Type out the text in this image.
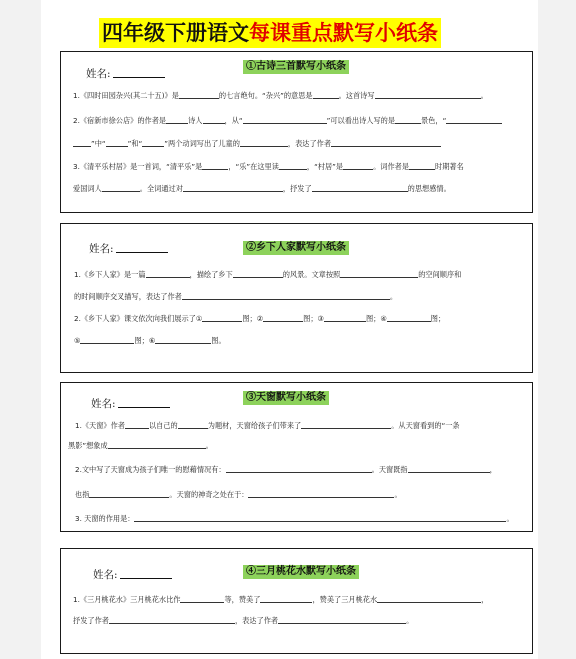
四年级下册语文每课重点默写小纸条
姓名:
①古诗三首默写小纸条
1.《四时田园杂兴(其二十五)》是	的七言绝句。“杂兴”的意思是	。这首诗写	。
2.《宿新市徐公店》的作者是	诗人	，从“	”可以看出诗人写的是	景色，“
”中“	”和“	”两个动词写出了儿童的	，表达了作者
3.《清平乐村居》是一首词，“清平乐”是	，“乐”在这里读	，“村居”是	。词作者是	时期著名
爱国词人	。全词通过对	，抒发了	的思想感情。
姓名:	②乡下人家默写小纸条
1.《乡下人家》是一篇	，描绘了乡下	的风景。文章按照	的空间顺序和
的时间顺序交叉描写，表达了作者	。
2.《乡下人家》课文依次向我们展示了①	图；②	图；③	图；④	图；
⑤	图；⑥	图。
姓名:
③天窗默写小纸条
1.《天窗》作者	以自己的	为题材，天窗给孩子们带来了	。从天窗看到的“一条
黑影”想象成	。
2.文中写了天窗成为孩子们唯一的慰藉情况有：	。天窗既指	，
也指	。天窗的神奇之处在于：	。
3. 天窗的作用是：	。
姓名:	④三月桃花水默写小纸条
1.《三月桃花水》三月桃花水比作	等，赞美了	，赞美了三月桃花水	，
抒发了作者	，表达了作者	。
